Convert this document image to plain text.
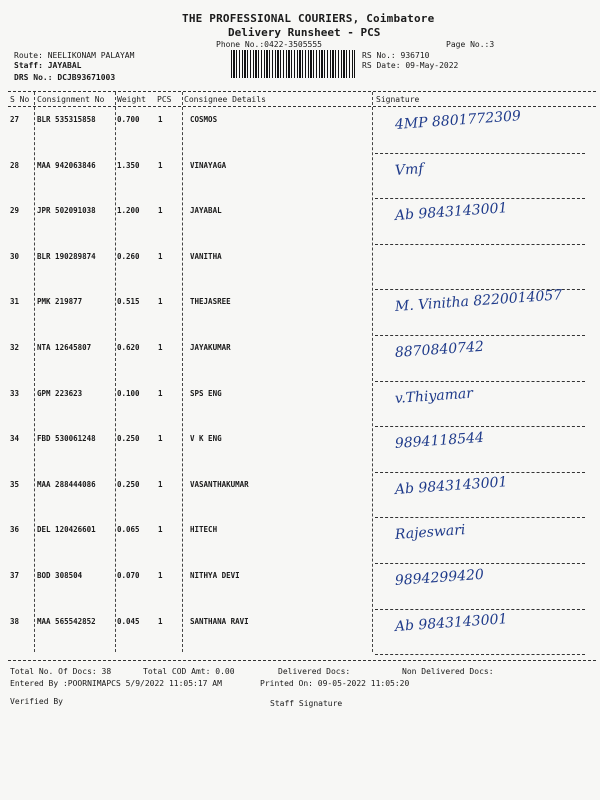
THE PROFESSIONAL COURIERS, Coimbatore
Delivery Runsheet - PCS
Phone No.:0422-3505555	Page No.:3
Route: NEELIKONAM PALAYAM
Staff: JAYABAL
DRS No.: DCJB93671003
RS No.: 936710
RS Date: 09-May-2022
S No Consignment No Weight PCS Consignee Details	Signature
27 BLR 535315858	0.700 1	COSMOS	4MP 8801772309
28 MAA 942063846	1.350 1	VINAYAGA	Vmf
29 JPR 502091038	1.200 1	JAYABAL	Ab 9843143001
30 BLR 190289874	0.260 1	VANITHA
31 PMK 219877	0.515 1	THEJASREE	M. Vinitha 8220014057
32 NTA 12645807	0.620 1	JAYAKUMAR	8870840742
33 GPM 223623	0.100 1	SPS ENG	v.Thiyamar
34 FBD 530061248	0.250 1	V K ENG	9894118544
35 MAA 288444086	0.250 1	VASANTHAKUMAR	Ab 9843143001
36 DEL 120426601	0.065 1	HITECH	Rajeswari
37 BOD 308504	0.070 1	NITHYA DEVI	9894299420
38 MAA 565542852	0.045 1	SANTHANA RAVI	Ab 9843143001
Total No. Of Docs: 38	Total COD Amt: 0.00	Delivered Docs:	Non Delivered Docs:
Entered By :POORNIMAPCS 5/9/2022 11:05:17 AM	Printed On: 09-05-2022 11:05:20
Verified By	Staff Signature
